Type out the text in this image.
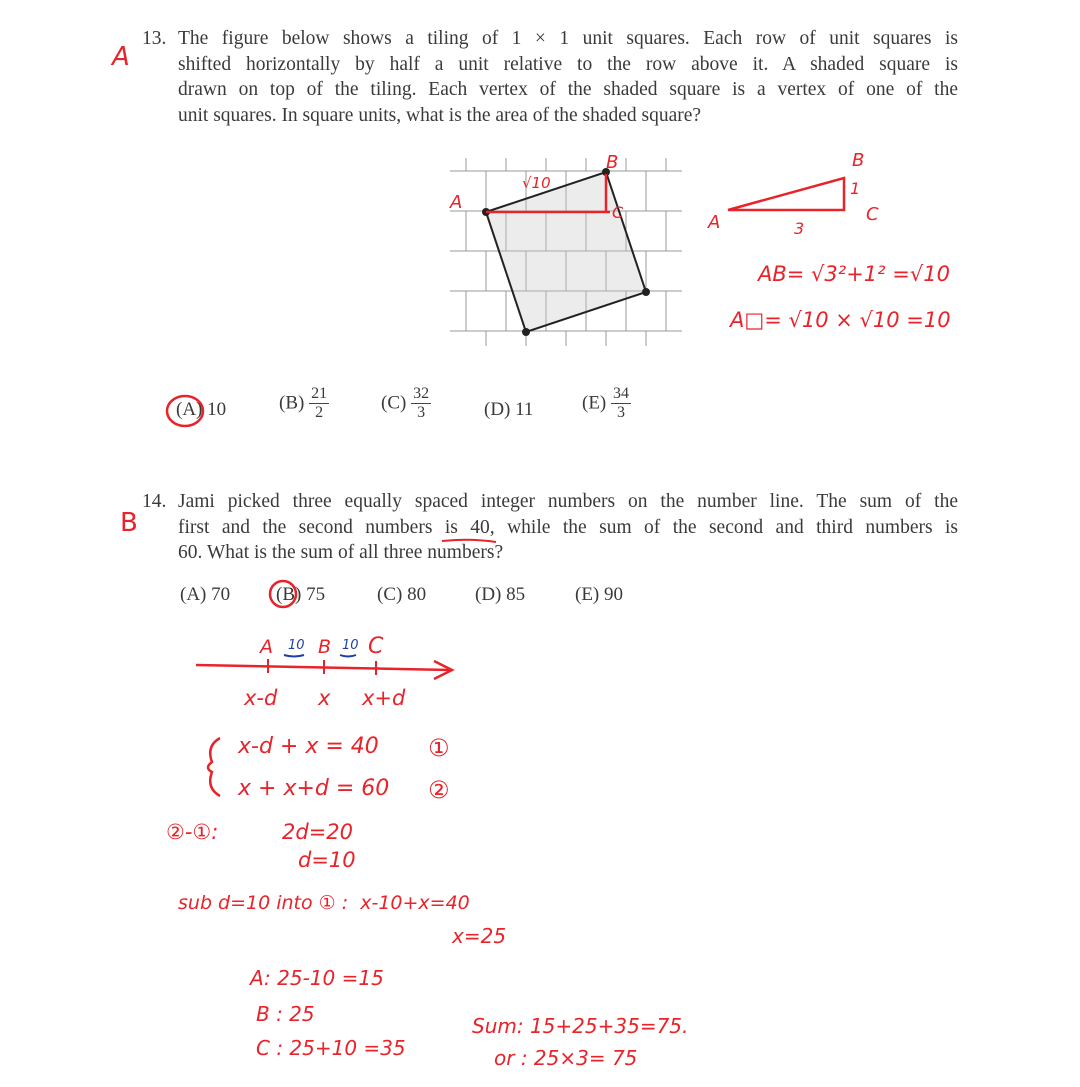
13.
A
The figure below shows a tiling of 1 × 1 unit squares. Each row of unit squares is
shifted horizontally by half a unit relative to the row above it. A shaded square is
drawn on top of the tiling. Each vertex of the shaded square is a vertex of one of the
unit squares. In square units, what is the area of the shaded square?
A
B
C
√10
A
B
C
1
3
AB= √3²+1² =√10
A□= √10 × √10 =10
(A) 10	$(B) \frac{21}{2}$	$(C) \frac{32}{3}$	(D) 11	$(E) \frac{34}{3}$
14.
B
Jami picked three equally spaced integer numbers on the number line. The sum of the
first and the second numbers is 40, while the sum of the second and third numbers is
60. What is the sum of all three numbers?
(A) 70 (B) 75	(C) 80	(D) 85	(E) 90
A B C
10	10
x-d x x+d
x-d + x = 40 ①
x + x+d = 60 ②
②-①:	2d=20
d=10
sub d=10 into ① :  x-10+x=40
x=25
A: 25-10 =15
B : 25
C : 25+10 =35
Sum: 15+25+35=75.
or : 25×3= 75
